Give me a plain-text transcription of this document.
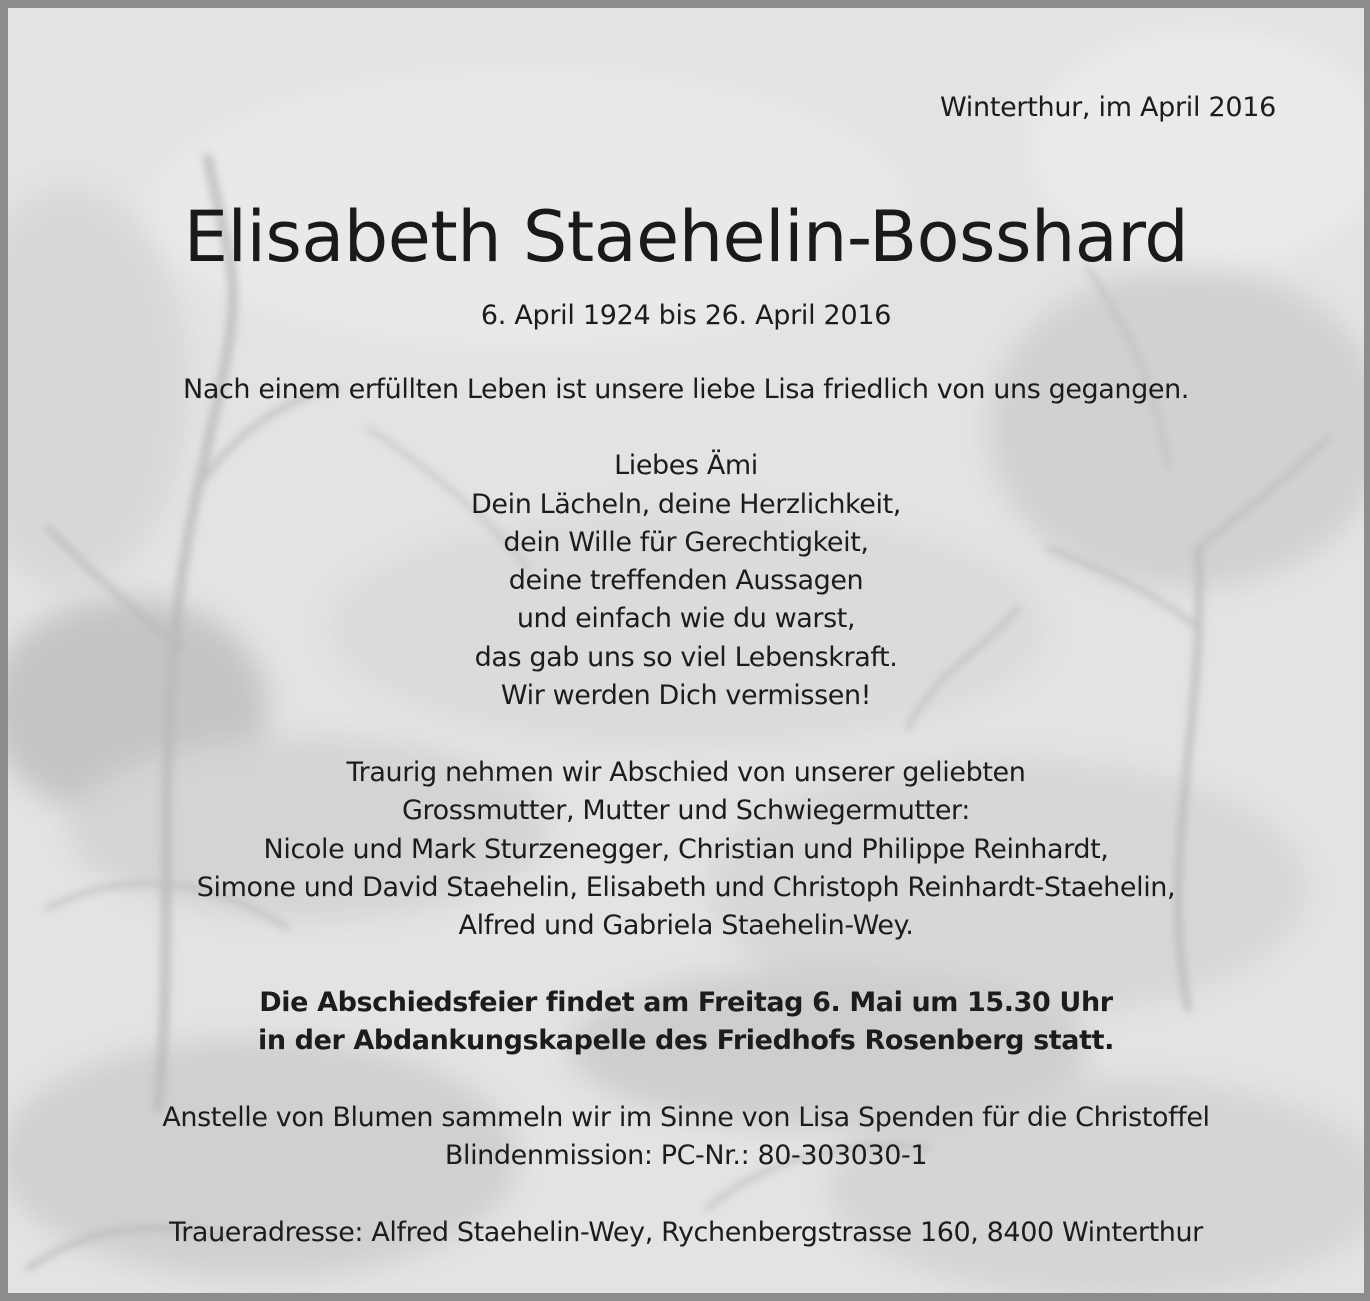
Winterthur, im April 2016
Elisabeth Staehelin-Bosshard
6. April 1924 bis 26. April 2016
Nach einem erfüllten Leben ist unsere liebe Lisa friedlich von uns gegangen.
Liebes Ämi
Dein Lächeln, deine Herzlichkeit,
dein Wille für Gerechtigkeit,
deine treffenden Aussagen
und einfach wie du warst,
das gab uns so viel Lebenskraft.
Wir werden Dich vermissen!
Traurig nehmen wir Abschied von unserer geliebten
Grossmutter, Mutter und Schwiegermutter:
Nicole und Mark Sturzenegger, Christian und Philippe Reinhardt,
Simone und David Staehelin, Elisabeth und Christoph Reinhardt-Staehelin,
Alfred und Gabriela Staehelin-Wey.
Die Abschiedsfeier findet am Freitag 6. Mai um 15.30 Uhr
in der Abdankungskapelle des Friedhofs Rosenberg statt.
Anstelle von Blumen sammeln wir im Sinne von Lisa Spenden für die Christoffel
Blindenmission: PC-Nr.: 80-303030-1
Traueradresse: Alfred Staehelin-Wey, Rychenbergstrasse 160, 8400 Winterthur
